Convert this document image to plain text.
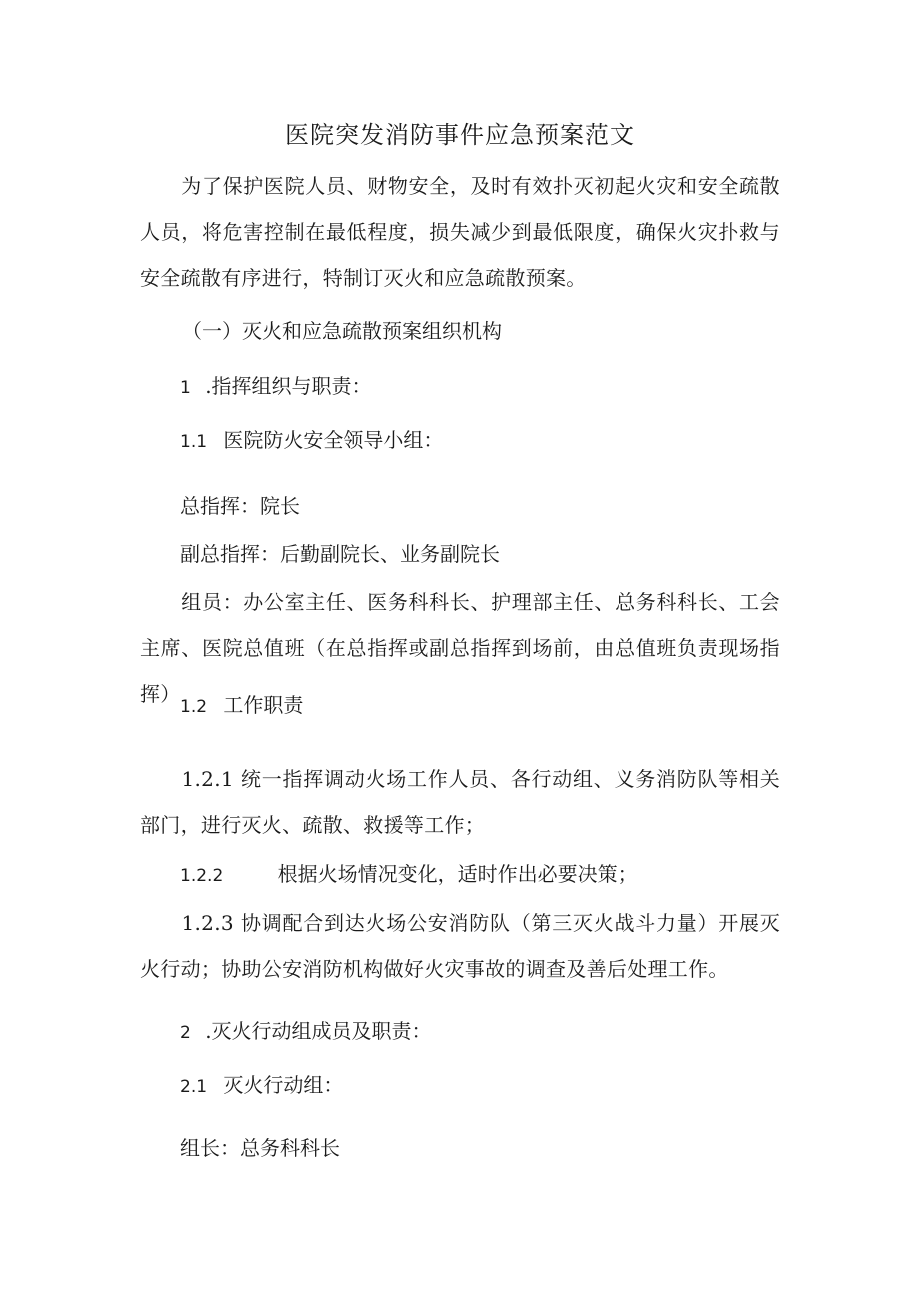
医院突发消防事件应急预案范文

　　为了保护医院人员、财物安全，及时有效扑灭初起火灾和安全疏散人员，将危害控制在最低程度，损失减少到最低限度，确保火灾扑救与安全疏散有序进行，特制订灭火和应急疏散预案。

（一）灭火和应急疏散预案组织机构

1 .指挥组织与职责：

1.1 医院防火安全领导小组：

总指挥：院长

副总指挥：后勤副院长、业务副院长

　　组员：办公室主任、医务科科长、护理部主任、总务科科长、工会主席、医院总值班（在总指挥或副总指挥到场前，由总值班负责现场指挥）

1.2 工作职责

　　1.2.1 统一指挥调动火场工作人员、各行动组、义务消防队等相关部门，进行灭火、疏散、救援等工作；

1.2.2	根据火场情况变化，适时作出必要决策；

　　1.2.3 协调配合到达火场公安消防队（第三灭火战斗力量）开展灭火行动；协助公安消防机构做好火灾事故的调查及善后处理工作。

2 .灭火行动组成员及职责：

2.1 灭火行动组：

组长：总务科科长
